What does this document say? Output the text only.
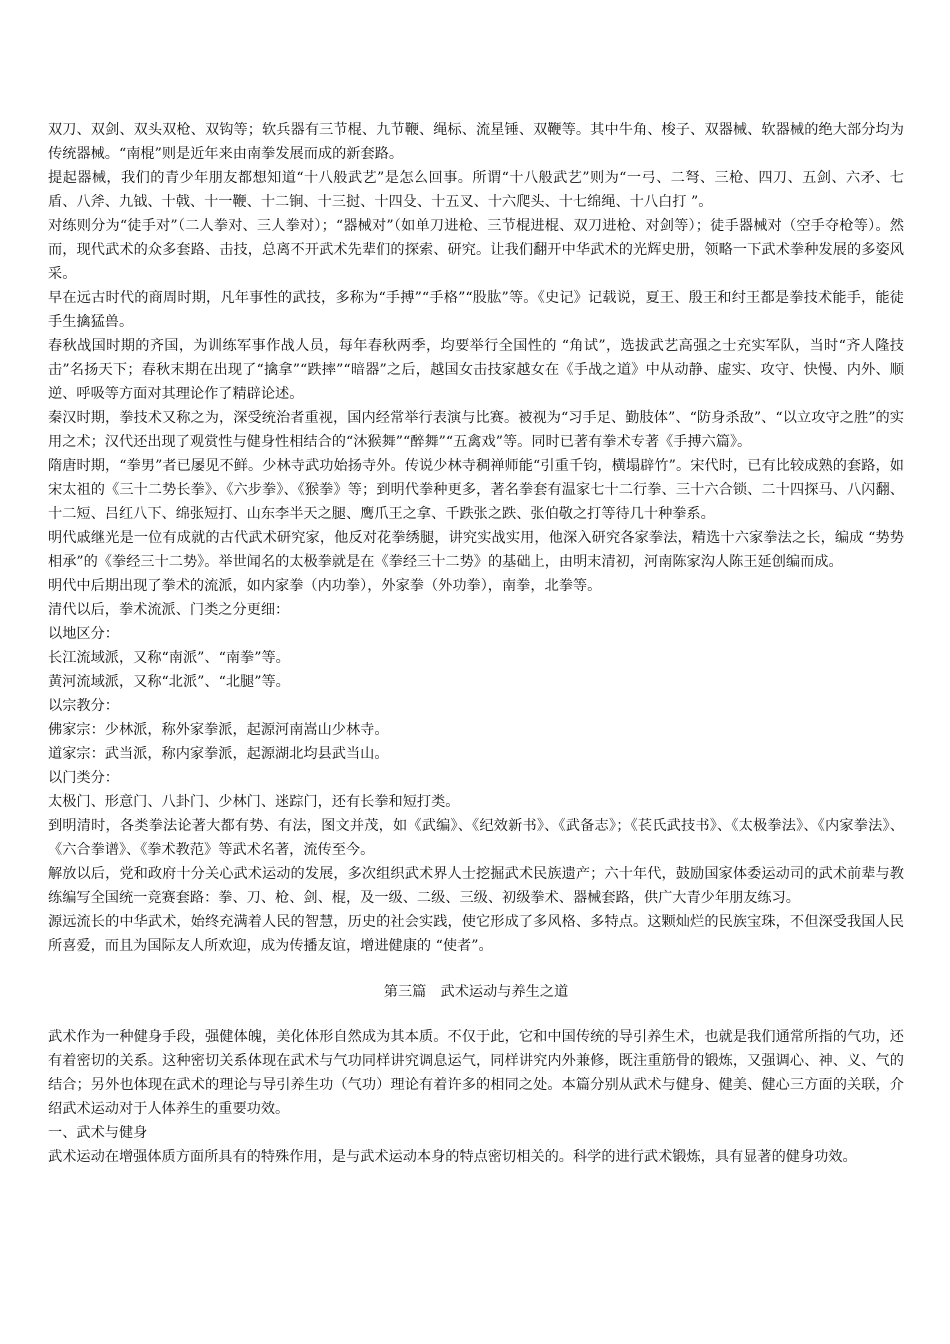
双刀、双剑、双头双枪、双钩等；软兵器有三节棍、九节鞭、绳标、流星锤、双鞭等。其中牛角、梭子、双器械、软器械的绝大部分均为传统器械。“南棍”则是近年来由南拳发展而成的新套路。

提起器械，我们的青少年朋友都想知道“十八般武艺”是怎么回事。所谓“十八般武艺”则为“一弓、二弩、三枪、四刀、五剑、六矛、七盾、八斧、九钺、十戟、十一鞭、十二锏、十三挝、十四殳、十五叉、十六爬头、十七绵绳、十八白打 ”。

对练则分为“徒手对”（二人拳对、三人拳对）；“器械对”（如单刀进枪、三节棍进棍、双刀进枪、对剑等）；徒手器械对（空手夺枪等）。然而，现代武术的众多套路、击技，总离不开武术先辈们的探索、研究。让我们翻开中华武术的光辉史册，领略一下武术拳种发展的多姿风采。

早在远古时代的商周时期，凡年事性的武技，多称为“手搏”“手格”“股肱”等。《史记》记载说，夏王、殷王和纣王都是拳技术能手，能徒手生擒猛兽。

春秋战国时期的齐国，为训练军事作战人员，每年春秋两季，均要举行全国性的 “角试”，选拔武艺高强之士充实军队，当时“齐人隆技击”名扬天下；春秋末期在出现了“擒拿”“跌摔”“暗器”之后，越国女击技家越女在《手战之道》中从动静、虚实、攻守、快慢、内外、顺逆、呼吸等方面对其理论作了精辟论述。

秦汉时期，拳技术又称之为，深受统治者重视，国内经常举行表演与比赛。被视为“习手足、勤肢体”、“防身杀敌”、“以立攻守之胜”的实用之术；汉代还出现了观赏性与健身性相结合的“沐猴舞”“醉舞”“五禽戏”等。同时已著有拳术专著《手搏六篇》。

隋唐时期，“拳男”者已屡见不鲜。少林寺武功始扬寺外。传说少林寺稠禅师能“引重千钧，横塌辟竹”。宋代时，已有比较成熟的套路，如宋太祖的《三十二势长拳》、《六步拳》、《猴拳》等；到明代拳种更多，著名拳套有温家七十二行拳、三十六合锁、二十四探马、八闪翻、十二短、吕红八下、绵张短打、山东李半天之腿、鹰爪王之拿、千跌张之跌、张伯敬之打等待几十种拳系。

明代戚继光是一位有成就的古代武术研究家，他反对花拳绣腿，讲究实战实用，他深入研究各家拳法，精选十六家拳法之长，编成 “势势相承”的《拳经三十二势》。举世闻名的太极拳就是在《拳经三十二势》的基础上，由明末清初，河南陈家沟人陈王延创编而成。

明代中后期出现了拳术的流派，如内家拳（内功拳），外家拳（外功拳），南拳，北拳等。

清代以后，拳术流派、门类之分更细：

以地区分：

长江流域派，又称“南派”、“南拳”等。

黄河流域派，又称“北派”、“北腿”等。

以宗教分：

佛家宗：少林派，称外家拳派，起源河南嵩山少林寺。

道家宗：武当派，称内家拳派，起源湖北均县武当山。

以门类分：

太极门、形意门、八卦门、少林门、迷踪门，还有长拳和短打类。

到明清时，各类拳法论著大都有势、有法，图文并茂，如《武编》、《纪效新书》、《武备志》；《苌氏武技书》、《太极拳法》、《内家拳法》、《六合拳谱》、《拳术教范》等武术名著，流传至今。

解放以后，党和政府十分关心武术运动的发展，多次组织武术界人士挖掘武术民族遗产；六十年代，鼓励国家体委运动司的武术前辈与教练编写全国统一竞赛套路：拳、刀、枪、剑、棍，及一级、二级、三级、初级拳术、器械套路，供广大青少年朋友练习。

源远流长的中华武术，始终充满着人民的智慧，历史的社会实践，使它形成了多风格、多特点。这颗灿烂的民族宝珠，不但深受我国人民所喜爱，而且为国际友人所欢迎，成为传播友谊，增进健康的 “使者”。

第三篇　武术运动与养生之道

武术作为一种健身手段，强健体魄，美化体形自然成为其本质。不仅于此，它和中国传统的导引养生术，也就是我们通常所指的气功，还有着密切的关系。这种密切关系体现在武术与气功同样讲究调息运气，同样讲究内外兼修，既注重筋骨的锻炼，又强调心、神、义、气的结合；另外也体现在武术的理论与导引养生功（气功）理论有着许多的相同之处。本篇分别从武术与健身、健美、健心三方面的关联，介绍武术运动对于人体养生的重要功效。

一、武术与健身

武术运动在增强体质方面所具有的特殊作用，是与武术运动本身的特点密切相关的。科学的进行武术锻炼，具有显著的健身功效。
